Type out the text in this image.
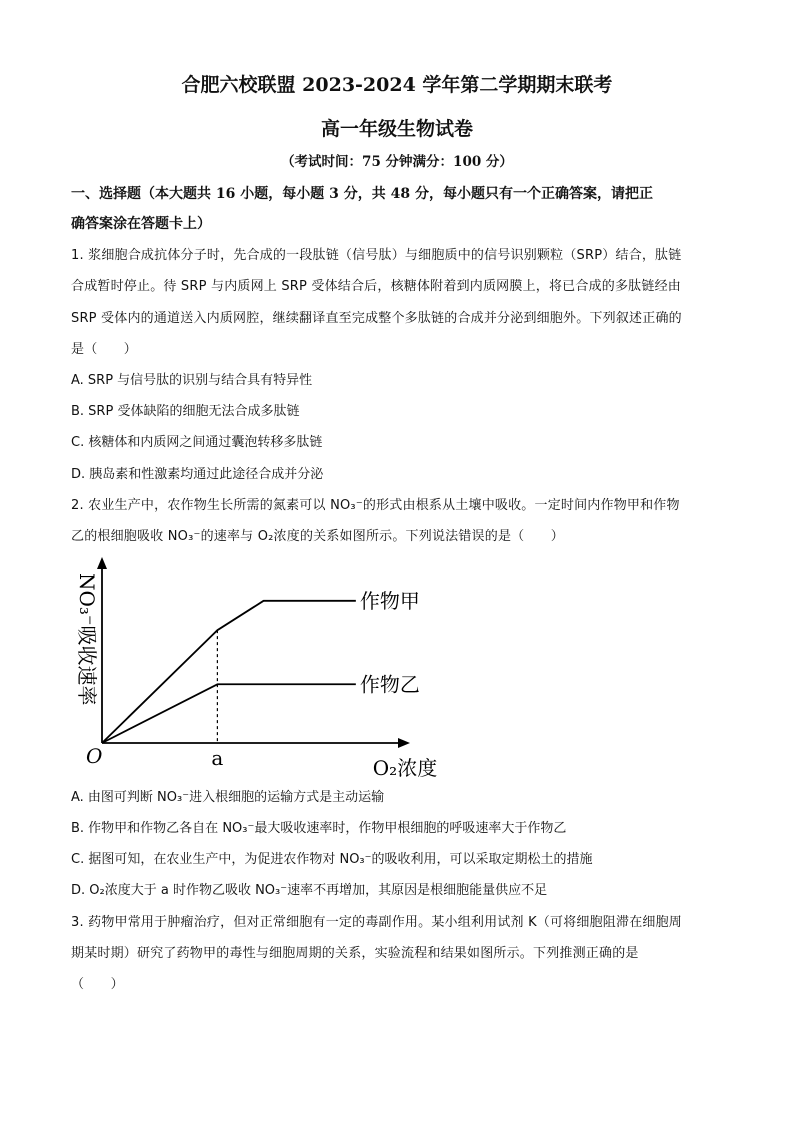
合肥六校联盟 2023-2024 学年第二学期期末联考
高一年级生物试卷
（考试时间：75 分钟满分：100 分）
一、选择题（本大题共 16 小题，每小题 3 分，共 48 分，每小题只有一个正确答案，请把正
确答案涂在答题卡上）
1. 浆细胞合成抗体分子时，先合成的一段肽链（信号肽）与细胞质中的信号识别颗粒（SRP）结合，肽链
合成暂时停止。待 SRP 与内质网上 SRP 受体结合后，核糖体附着到内质网膜上，将已合成的多肽链经由
SRP 受体内的通道送入内质网腔，继续翻译直至完成整个多肽链的合成并分泌到细胞外。下列叙述正确的
是（　　）
A. SRP 与信号肽的识别与结合具有特异性
B. SRP 受体缺陷的细胞无法合成多肽链
C. 核糖体和内质网之间通过囊泡转移多肽链
D. 胰岛素和性激素均通过此途径合成并分泌
2. 农业生产中，农作物生长所需的氮素可以 NO₃⁻的形式由根系从土壤中吸收。一定时间内作物甲和作物
乙的根细胞吸收 NO₃⁻的速率与 O₂浓度的关系如图所示。下列说法错误的是（　　）
O	a	O₂浓度
NO₃⁻吸收速率	作物甲
作物乙
A. 由图可判断 NO₃⁻进入根细胞的运输方式是主动运输
B. 作物甲和作物乙各自在 NO₃⁻最大吸收速率时，作物甲根细胞的呼吸速率大于作物乙
C. 据图可知，在农业生产中，为促进农作物对 NO₃⁻的吸收利用，可以采取定期松土的措施
D. O₂浓度大于 a 时作物乙吸收 NO₃⁻速率不再增加，其原因是根细胞能量供应不足
3. 药物甲常用于肿瘤治疗，但对正常细胞有一定的毒副作用。某小组利用试剂 K（可将细胞阻滞在细胞周
期某时期）研究了药物甲的毒性与细胞周期的关系，实验流程和结果如图所示。下列推测正确的是
（　　）
